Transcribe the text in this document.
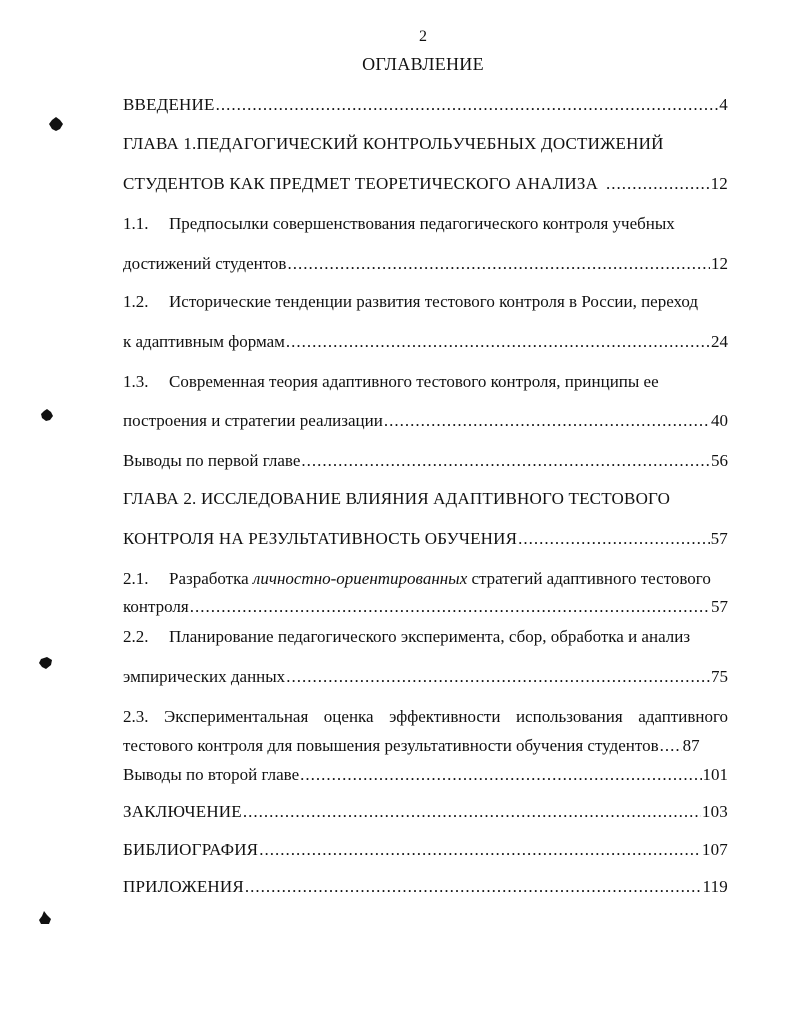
2
ОГЛАВЛЕНИЕ
ВВЕДЕНИЕ .....	4
ГЛАВА 1.ПЕДАГОГИЧЕСКИЙ КОНТРОЛЬУЧЕБНЫХ ДОСТИЖЕНИЙ
СТУДЕНТОВ КАК ПРЕДМЕТ ТЕОРЕТИЧЕСКОГО АНАЛИЗА .....	12
1.1. Предпосылки совершенствования педагогического контроля учебных
достижений студентов .....	12
1.2. Исторические тенденции развития тестового контроля в России, переход
к адаптивным формам .....	24
1.3. Современная теория адаптивного тестового контроля, принципы ее
построения и стратегии реализации .....	40
Выводы по первой главе .....	56
ГЛАВА 2. ИССЛЕДОВАНИЕ ВЛИЯНИЯ АДАПТИВНОГО ТЕСТОВОГО
КОНТРОЛЯ НА РЕЗУЛЬТАТИВНОСТЬ ОБУЧЕНИЯ .....	57
2.1. Разработка личностно-ориентированных стратегий адаптивного тестового
контроля .....	57
2.2. Планирование педагогического эксперимента, сбор, обработка и анализ
эмпирических данных .....	75
2.3. Экспериментальная оценка эффективности использования адаптивного
тестового контроля для повышения результативности обучения студентов ..... 87
Выводы по второй главе .....	101
ЗАКЛЮЧЕНИЕ .....	103
БИБЛИОГРАФИЯ .....	107
ПРИЛОЖЕНИЯ .....	119
